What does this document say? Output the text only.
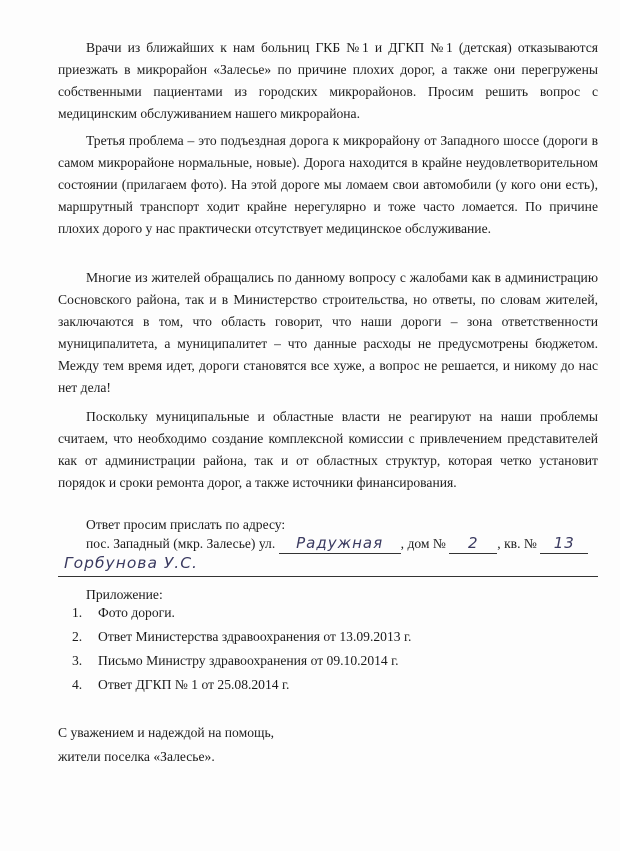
Врачи из ближайших к нам больниц ГКБ №1 и ДГКП №1 (детская) отказываются приезжать в микрорайон «Залесье» по причине плохих дорог, а также они перегружены собственными пациентами из городских микрорайонов. Просим решить вопрос с медицинским обслуживанием нашего микрорайона.

Третья проблема – это подъездная дорога к микрорайону от Западного шоссе (дороги в самом микрорайоне нормальные, новые). Дорога находится в крайне неудовлетворительном состоянии (прилагаем фото). На этой дороге мы ломаем свои автомобили (у кого они есть), маршрутный транспорт ходит крайне нерегулярно и тоже часто ломается. По причине плохих дорого у нас практически отсутствует медицинское обслуживание.

Многие из жителей обращались по данному вопросу с жалобами как в администрацию Сосновского района, так и в Министерство строительства, но ответы, по словам жителей, заключаются в том, что область говорит, что наши дороги – зона ответственности муниципалитета, а муниципалитет – что данные расходы не предусмотрены бюджетом. Между тем время идет, дороги становятся все хуже, а вопрос не решается, и никому до нас нет дела!

Поскольку муниципальные и областные власти не реагируют на наши проблемы считаем, что необходимо создание комплексной комиссии с привлечением представителей как от администрации района, так и от областных структур, которая четко установит порядок и сроки ремонта дорог, а также источники финансирования.

Ответ просим прислать по адресу:

пос. Западный (мкр. Залесье) ул. Радужная , дом № 2 , кв. № 13

Горбунова У.С.

Приложение:

1. Фото дороги.
2. Ответ Министерства здравоохранения от 13.09.2013 г.
3. Письмо Министру здравоохранения от 09.10.2014 г.
4. Ответ ДГКП № 1 от 25.08.2014 г.

С уважением и надеждой на помощь,

жители поселка «Залесье».
